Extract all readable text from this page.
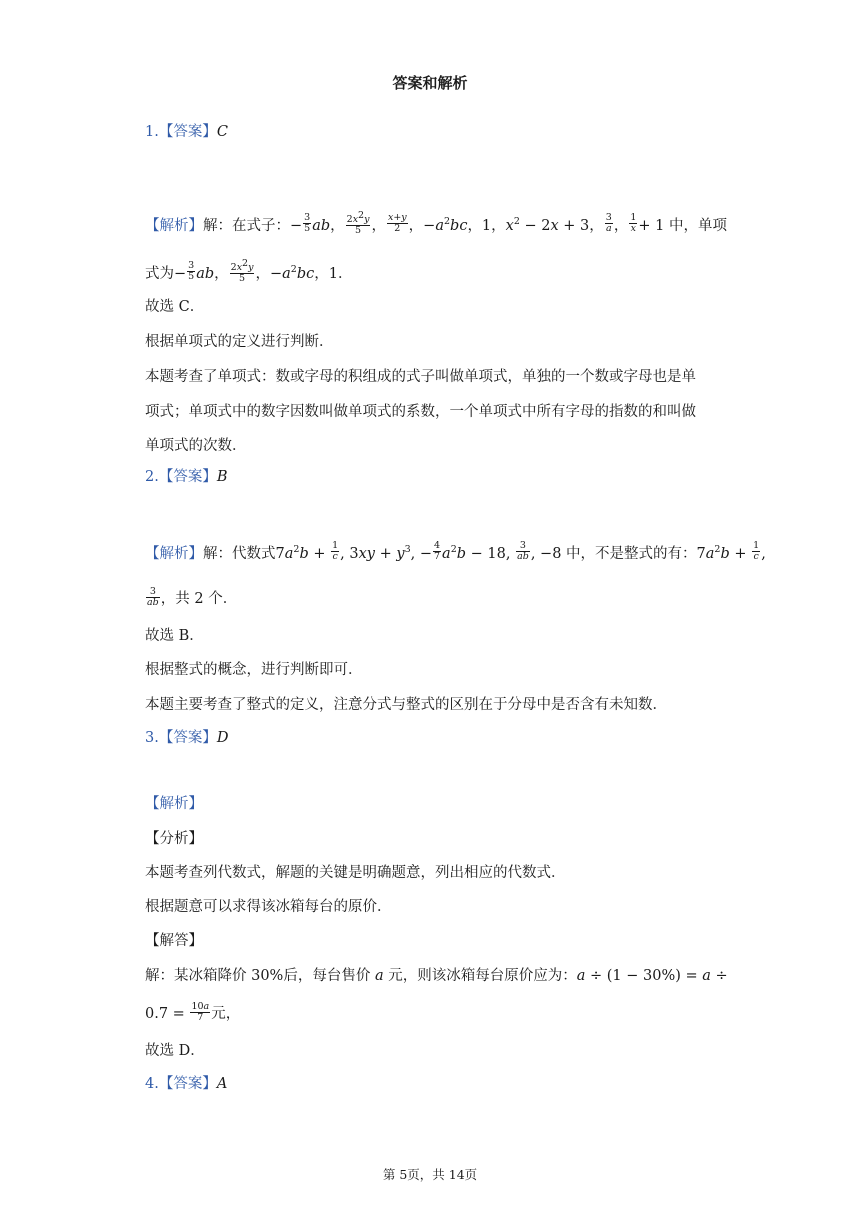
答案和解析
1.【答案】C
【解析】解：在式子：− $\frac{3}{5}$ ab， $\frac{2x^2y}{5}$ ， $\frac{x+y}{2}$ ，$-a^2bc$，1，$x^2 - 2x + 3$， $\frac{3}{a}$ ， $\frac{1}{x} + 1$ 中，单项
式为− $\frac{3}{5}$ ab， $\frac{2x^2y}{5}$ ，$-a^2bc$，1．
故选 C．
根据单项式的定义进行判断．
本题考查了单项式：数或字母的积组成的式子叫做单项式，单独的一个数或字母也是单
项式；单项式中的数字因数叫做单项式的系数，一个单项式中所有字母的指数的和叫做
单项式的次数．
2.【答案】B
【解析】解：代数式$7a^2b + \frac{1}{c}$ , $3xy + y^3$, − $\frac{4}{7} a^2b - 18$, $\frac{3}{ab}$ , −8 中，不是整式的有：$7a^2b + \frac{1}{c}$ ,
$\frac{3}{ab}$ ，共 2 个．
故选 B．
根据整式的概念，进行判断即可．
本题主要考查了整式的定义，注意分式与整式的区别在于分母中是否含有未知数．
3.【答案】D
【解析】
【分析】
本题考查列代数式，解题的关键是明确题意，列出相应的代数式．
根据题意可以求得该冰箱每台的原价．
【解答】
解：某冰箱降价 30%后，每台售价 a 元，则该冰箱每台原价应为：a ÷ (1 − 30%) = a ÷
$0.7 = \frac{10a}{7}$ 元，
故选 D．
4.【答案】A
第 5页，共 14页
